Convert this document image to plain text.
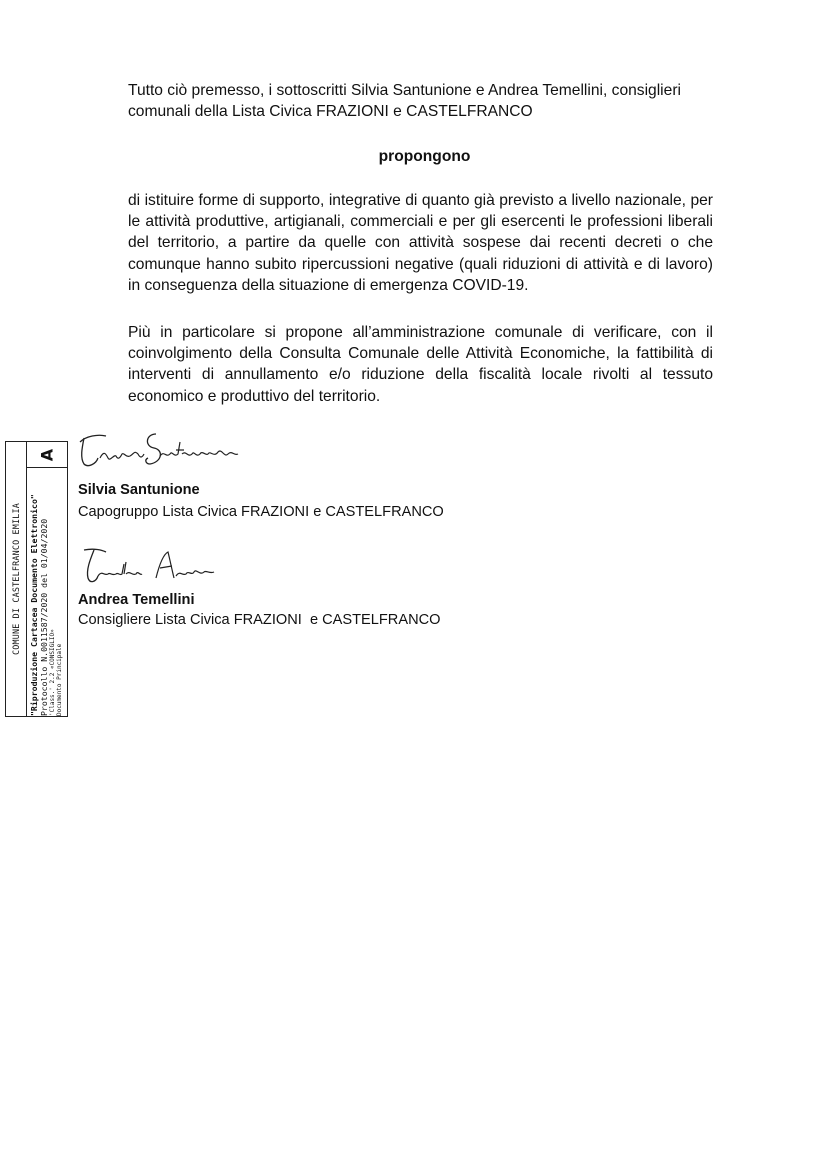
Tutto ciò premesso, i sottoscritti Silvia Santunione e Andrea Temellini, consiglieri comunali della Lista Civica FRAZIONI e CASTELFRANCO

propongono

di istituire forme di supporto, integrative di quanto già previsto a livello nazionale, per le attività produttive, artigianali, commerciali e per gli esercenti le professioni liberali del territorio, a partire da quelle con attività sospese dai recenti decreti o che comunque hanno subito ripercussioni negative (quali riduzioni di attività e di lavoro) in conseguenza della situazione di emergenza COVID-19.

Più in particolare si propone all’amministrazione comunale di verificare, con il coinvolgimento della Consulta Comunale delle Attività Economiche, la fattibilità di interventi di annullamento e/o riduzione della fiscalità locale rivolti al tessuto economico e produttivo del territorio.

Silvia Santunione

Capogruppo Lista Civica FRAZIONI e CASTELFRANCO

Andrea Temellini

Consigliere Lista Civica FRAZIONI  e CASTELFRANCO

COMUNE DI CASTELFRANCO EMILIA
A
"Riproduzione Cartacea Documento Elettronico" Protocollo N.0011587/2020 del 01/04/2020 'Class.' 2.2 «CONSIGLIO» Documento Principale
